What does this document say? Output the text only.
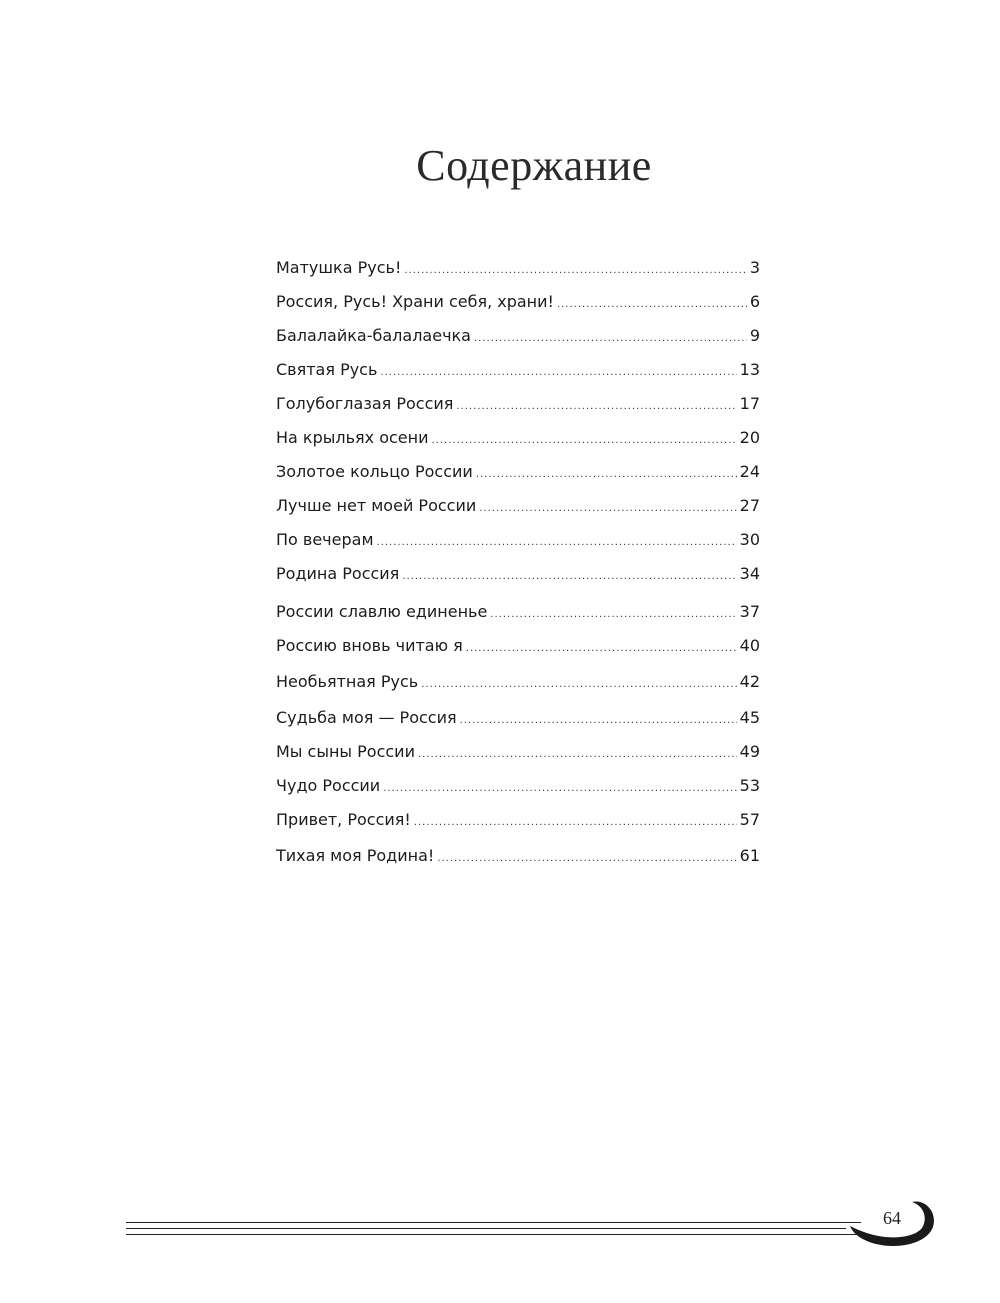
Содержание
Матушка Русь! .....	3
Россия, Русь! Храни себя, храни! .....	6
Балалайка-балалаечка .....	9
Святая Русь .....	13
Голубоглазая Россия .....	17
На крыльях осени .....	20
Золотое кольцо России .....	24
Лучше нет моей России .....	27
По вечерам .....	30
Родина Россия .....	34
России славлю единенье .....	37
Россию вновь читаю я .....	40
Необьятная Русь .....	42
Судьба моя — Россия .....	45
Мы сыны России .....	49
Чудо России .....	53
Привет, Россия! .....	57
Тихая моя Родина! .....	61
64
